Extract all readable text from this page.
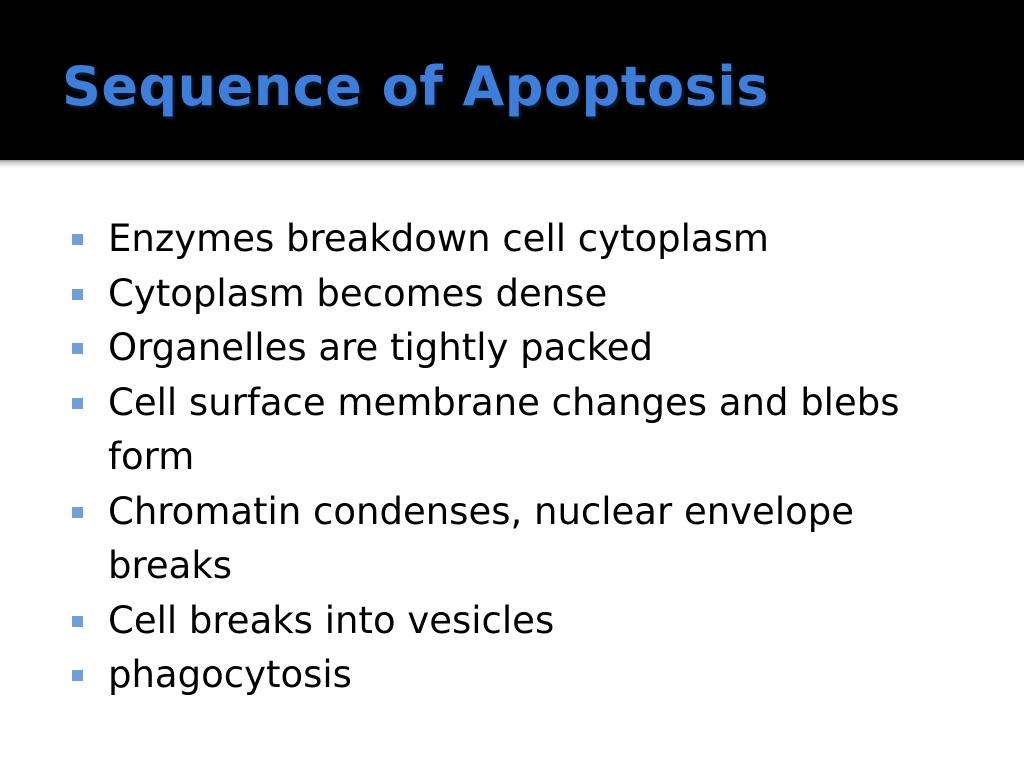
Sequence of Apoptosis
Enzymes breakdown cell cytoplasm
Cytoplasm becomes dense
Organelles are tightly packed
Cell surface membrane changes and blebs form
Chromatin condenses, nuclear envelope breaks
Cell breaks into vesicles
phagocytosis
